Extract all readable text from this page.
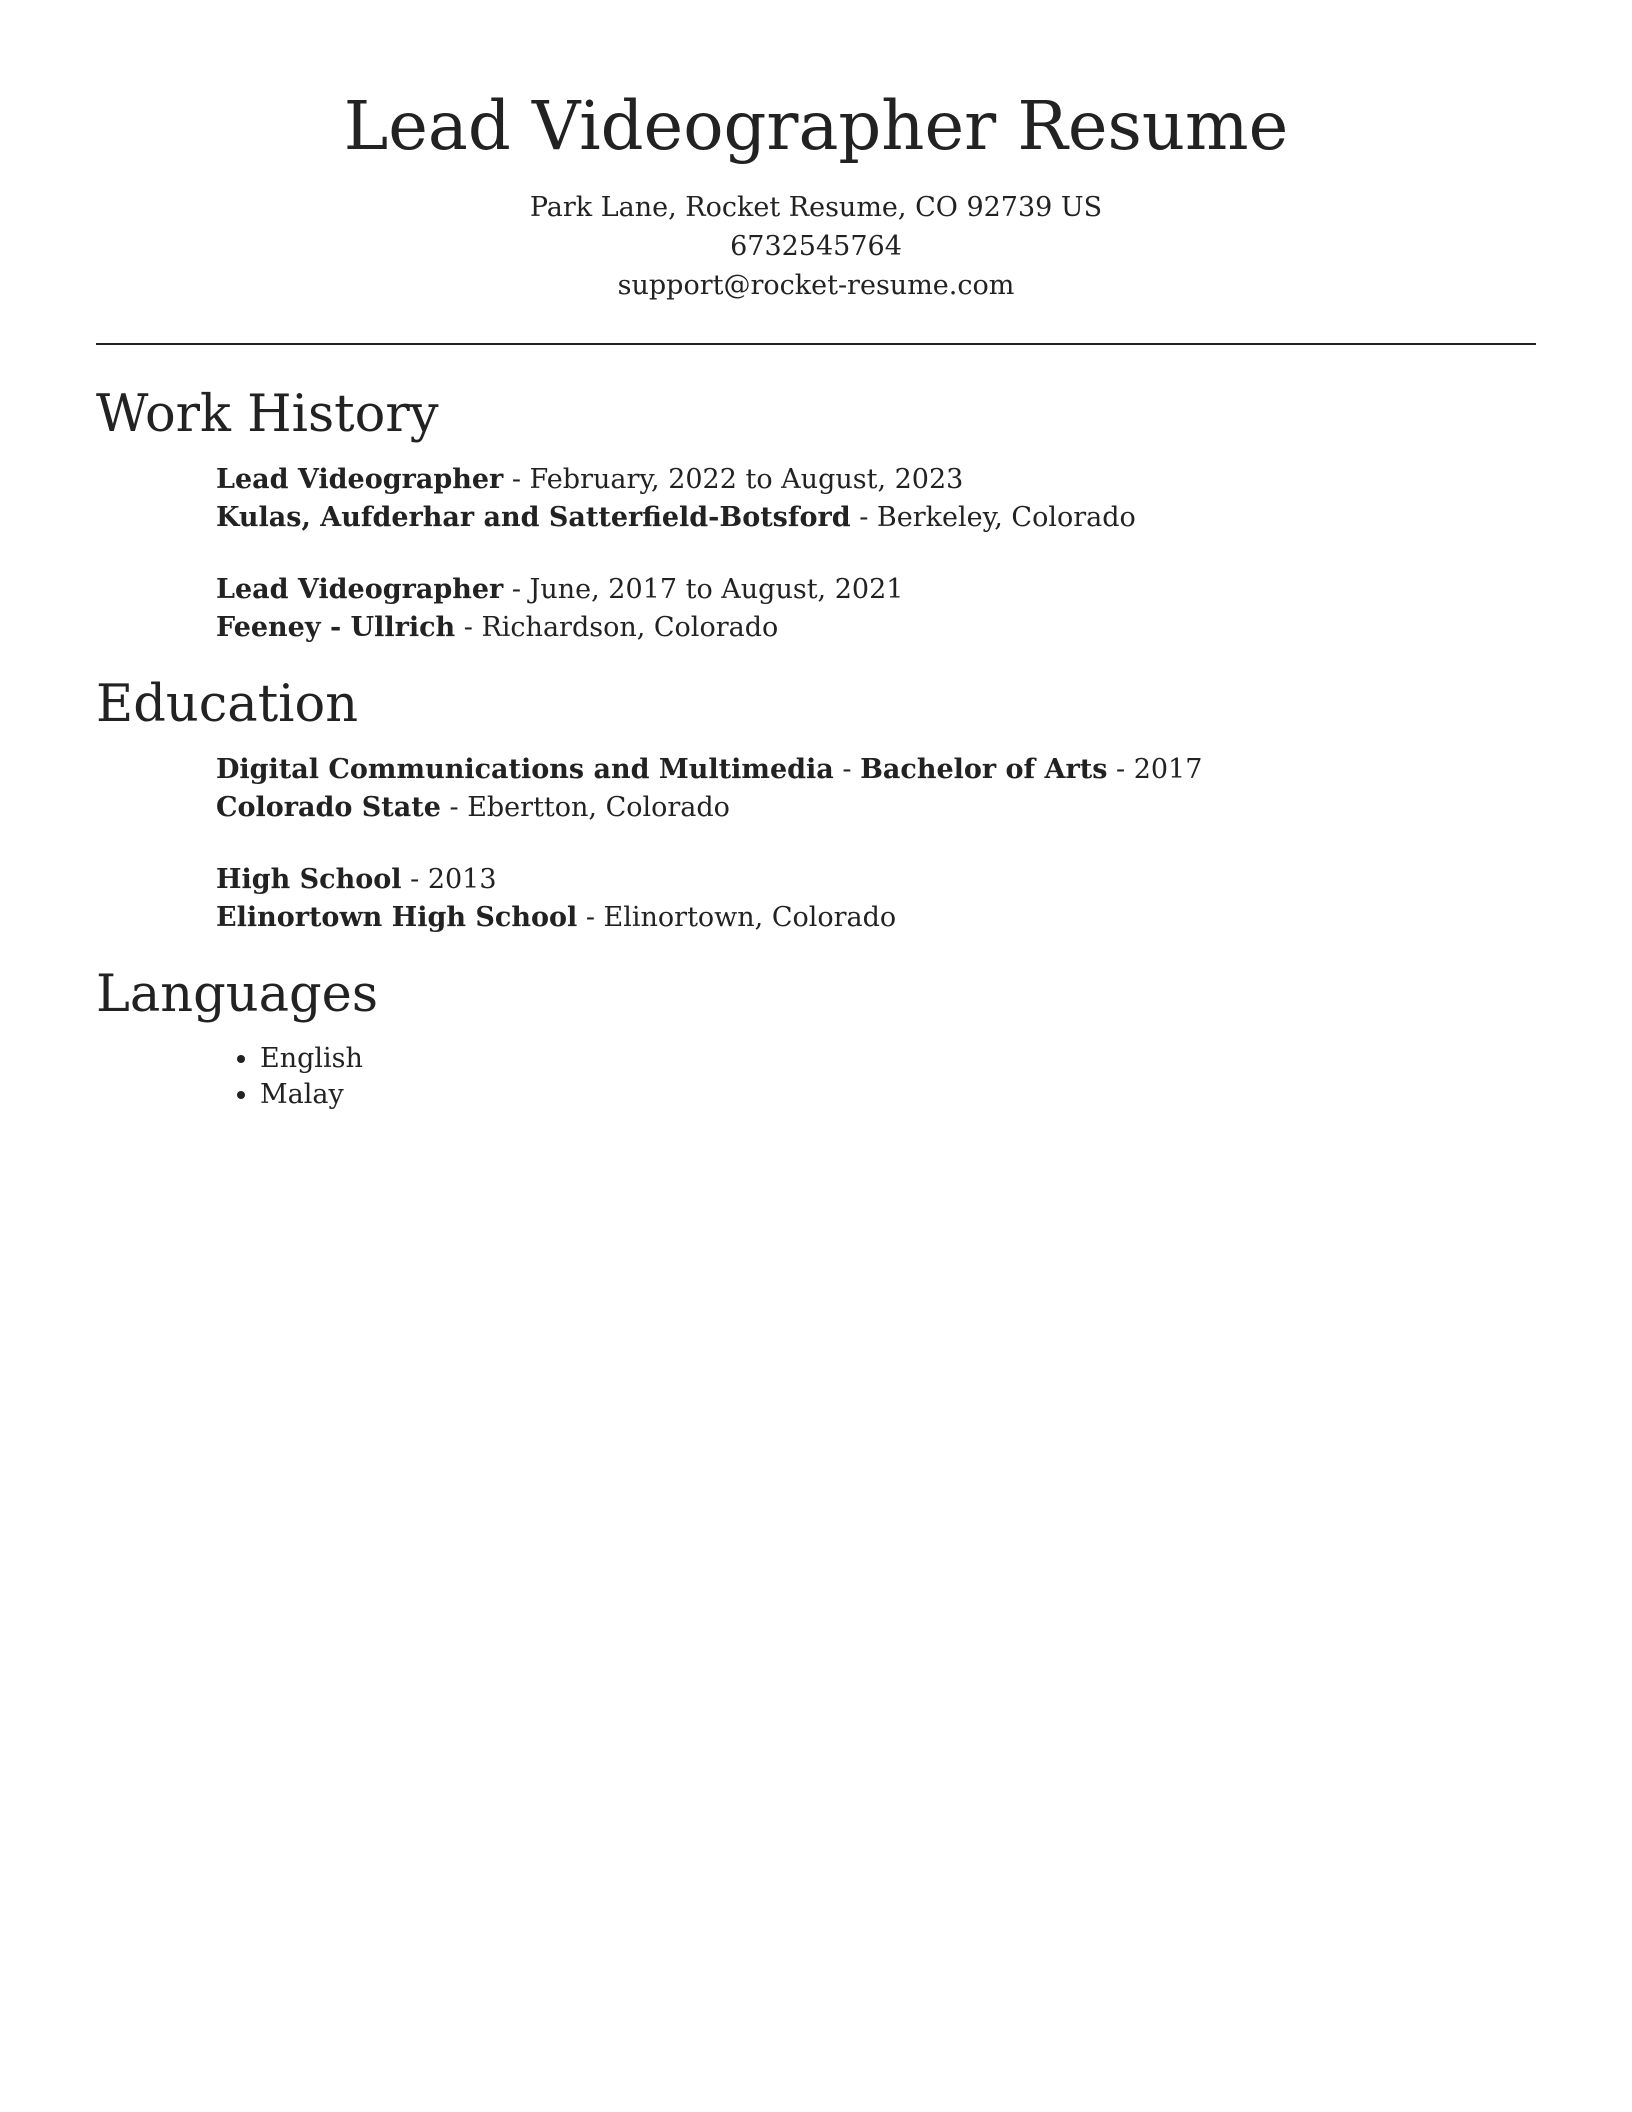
Lead Videographer Resume
Park Lane, Rocket Resume, CO 92739 US
6732545764
support@rocket-resume.com
Work History
Lead Videographer - February, 2022 to August, 2023
Kulas, Aufderhar and Satterfield-Botsford - Berkeley, Colorado
Lead Videographer - June, 2017 to August, 2021
Feeney - Ullrich - Richardson, Colorado
Education
Digital Communications and Multimedia - Bachelor of Arts - 2017
Colorado State - Ebertton, Colorado
High School - 2013
Elinortown High School - Elinortown, Colorado
Languages
• English
• Malay
